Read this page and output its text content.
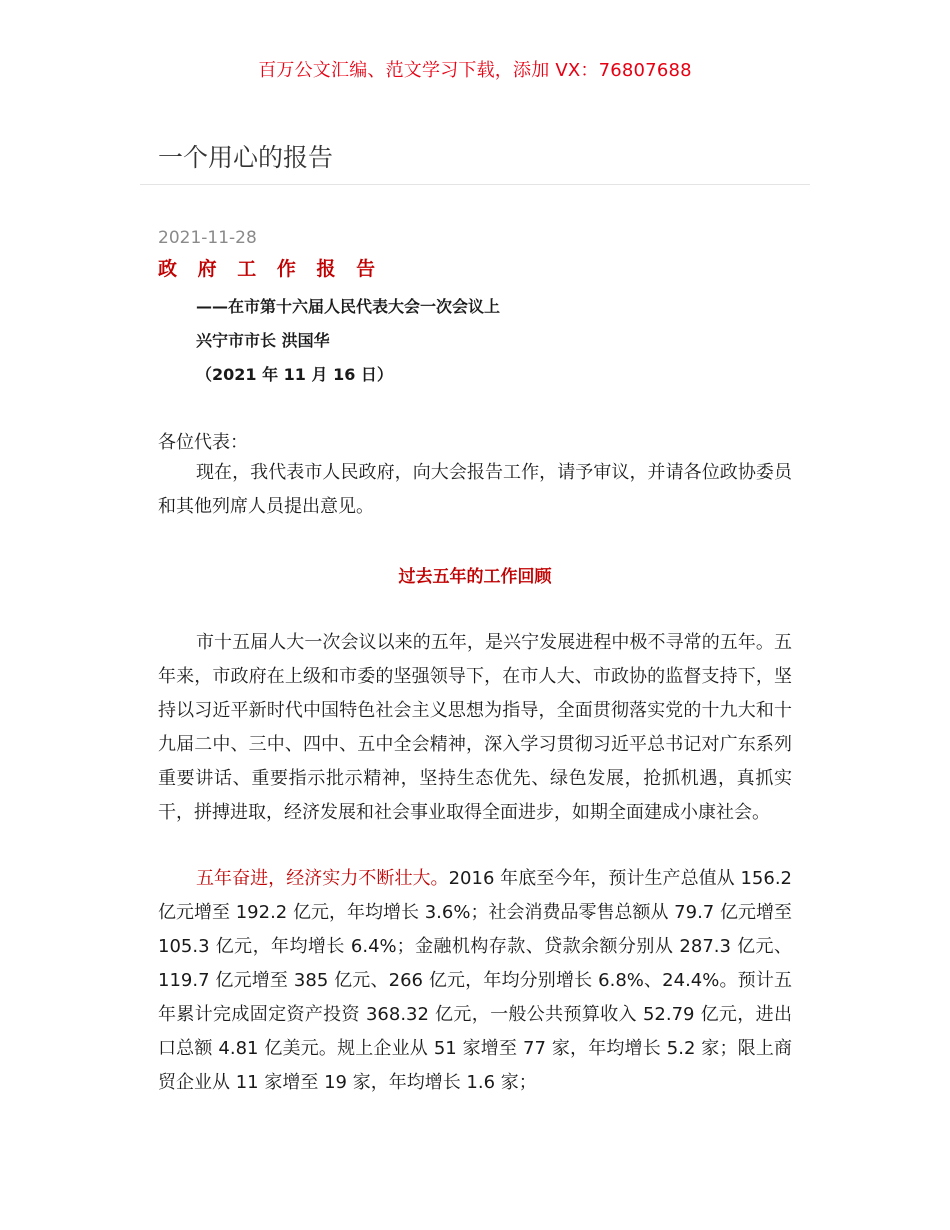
百万公文汇编、范文学习下载，添加 VX：76807688
一个用心的报告
2021-11-28
政 府 工 作 报 告
——在市第十六届人民代表大会一次会议上
兴宁市市长 洪国华
（2021 年 11 月 16 日）
各位代表：
现在，我代表市人民政府，向大会报告工作，请予审议，并请各位政协委员和其他列席人员提出意见。
过去五年的工作回顾
市十五届人大一次会议以来的五年，是兴宁发展进程中极不寻常的五年。五年来，市政府在上级和市委的坚强领导下，在市人大、市政协的监督支持下，坚持以习近平新时代中国特色社会主义思想为指导，全面贯彻落实党的十九大和十九届二中、三中、四中、五中全会精神，深入学习贯彻习近平总书记对广东系列重要讲话、重要指示批示精神，坚持生态优先、绿色发展，抢抓机遇，真抓实干，拼搏进取，经济发展和社会事业取得全面进步，如期全面建成小康社会。
五年奋进，经济实力不断壮大。2016 年底至今年，预计生产总值从 156.2 亿元增至 192.2 亿元，年均增长 3.6%；社会消费品零售总额从 79.7 亿元增至 105.3 亿元，年均增长 6.4%；金融机构存款、贷款余额分别从 287.3 亿元、119.7 亿元增至 385 亿元、266 亿元，年均分别增长 6.8%、24.4%。预计五年累计完成固定资产投资 368.32 亿元，一般公共预算收入 52.79 亿元，进出口总额 4.81 亿美元。规上企业从 51 家增至 77 家，年均增长 5.2 家；限上商贸企业从 11 家增至 19 家，年均增长 1.6 家；
